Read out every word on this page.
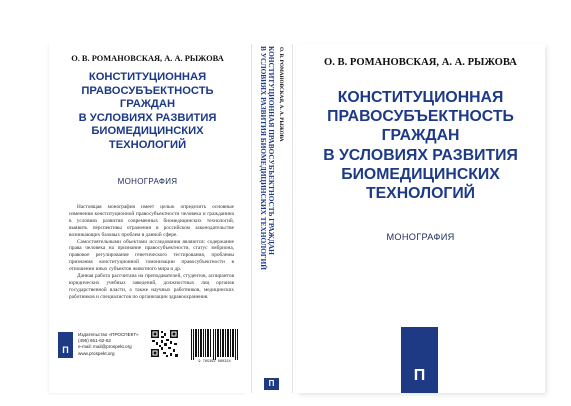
О. В. РОМАНОВСКАЯ, А. А. РЫЖОВА
КОНСТИТУЦИОННАЯ
ПРАВОСУБЪЕКТНОСТЬ
ГРАЖДАН
В УСЛОВИЯХ РАЗВИТИЯ
БИОМЕДИЦИНСКИХ
ТЕХНОЛОГИЙ
МОНОГРАФИЯ

Настоящая монография имеет целью определить основные изменения конституционной правосубъектности человека и гражданина в условиях развития современных биомедицинских технологий, выявить перспективы отражения в российском законодательстве возникающих базовых проблем в данной сфере.

Самостоятельными объектами исследования являются: содержание права человека на признание правосубъектности, статус эмбриона, правовое регулирование генетического тестирования, проблемы признания конституционной гомонизации правосубъектности в отношении иных субъектов животного мира и др.

Данная работа рассчитана на преподавателей, студентов, аспирантов юридических учебных заведений, должностных лиц органов государственной власти, а также научных работников, медицинских работников и специалистов по организации здравоохранения.

П
Издательство «ПРОСПЕКТ»
(495) 651-62-62
e-mail: mail@prospekt.org
www.prospekt.org
9 785392 090324
О. В. РОМАНОВСКАЯ, А. А. РЫЖОВА
КОНСТИТУЦИОННАЯ ПРАВОСУБЪЕКТНОСТЬ ГРАЖДАН
В УСЛОВИЯХ РАЗВИТИЯ БИОМЕДИЦИНСКИХ ТЕХНОЛОГИЙ
П
О. В. РОМАНОВСКАЯ, А. А. РЫЖОВА
КОНСТИТУЦИОННАЯ
ПРАВОСУБЪЕКТНОСТЬ
ГРАЖДАН
В УСЛОВИЯХ РАЗВИТИЯ
БИОМЕДИЦИНСКИХ
ТЕХНОЛОГИЙ
МОНОГРАФИЯ
П
